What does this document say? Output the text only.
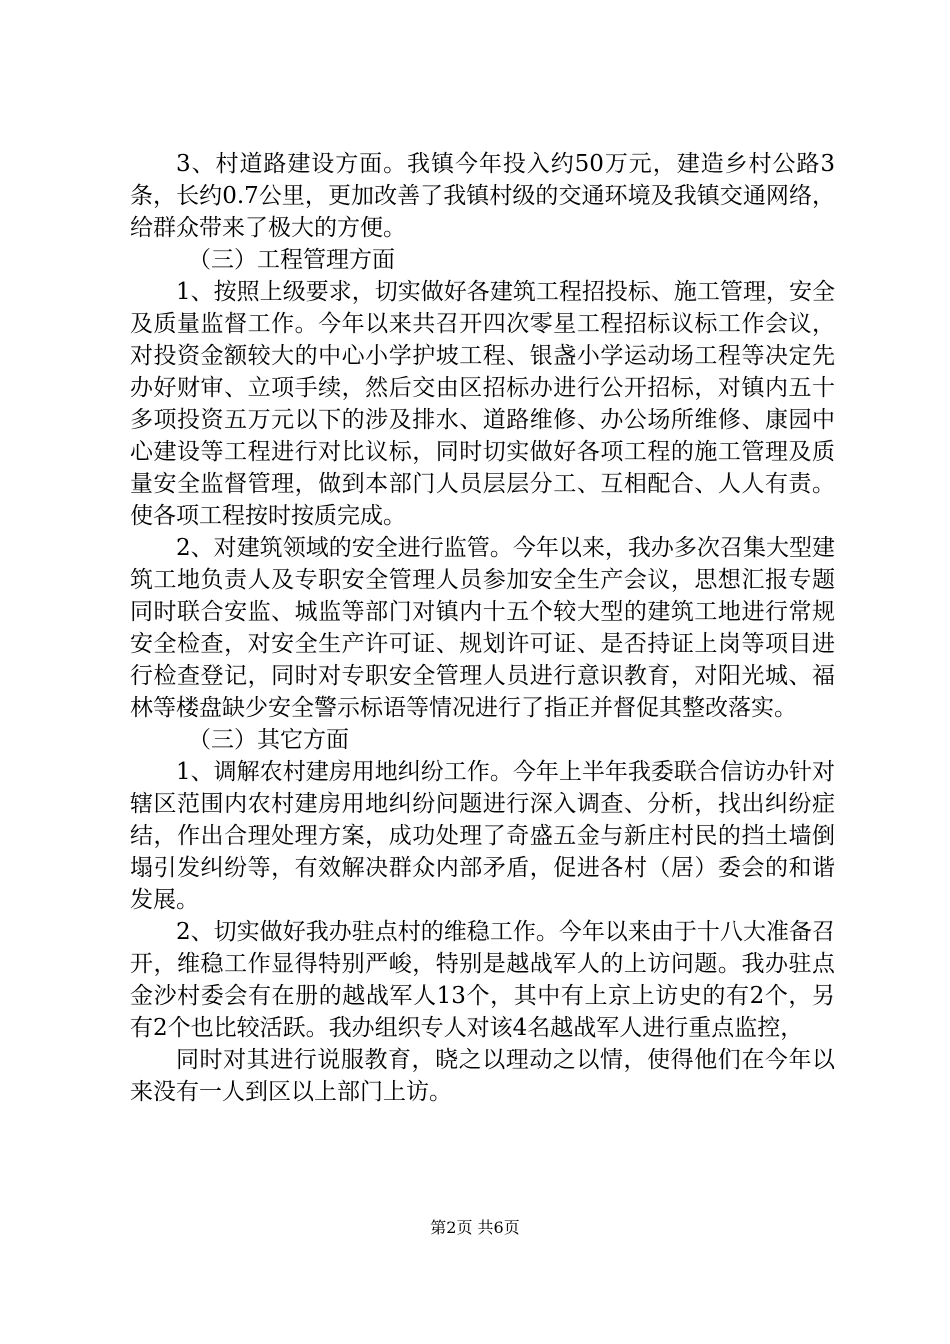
3、村道路建设方面。我镇今年投入约50万元，建造乡村公路3条，长约0.7公里，更加改善了我镇村级的交通环境及我镇交通网络，给群众带来了极大的方便。

（三）工程管理方面

1、按照上级要求，切实做好各建筑工程招投标、施工管理，安全及质量监督工作。今年以来共召开四次零星工程招标议标工作会议，对投资金额较大的中心小学护坡工程、银盏小学运动场工程等决定先办好财审、立项手续，然后交由区招标办进行公开招标，对镇内五十多项投资五万元以下的涉及排水、道路维修、办公场所维修、康园中心建设等工程进行对比议标，同时切实做好各项工程的施工管理及质量安全监督管理，做到本部门人员层层分工、互相配合、人人有责。使各项工程按时按质完成。

2、对建筑领域的安全进行监管。今年以来，我办多次召集大型建筑工地负责人及专职安全管理人员参加安全生产会议，思想汇报专题同时联合安监、城监等部门对镇内十五个较大型的建筑工地进行常规安全检查，对安全生产许可证、规划许可证、是否持证上岗等项目进行检查登记，同时对专职安全管理人员进行意识教育，对阳光城、福林等楼盘缺少安全警示标语等情况进行了指正并督促其整改落实。

（三）其它方面

1、调解农村建房用地纠纷工作。今年上半年我委联合信访办针对辖区范围内农村建房用地纠纷问题进行深入调查、分析，找出纠纷症结，作出合理处理方案，成功处理了奇盛五金与新庄村民的挡土墙倒塌引发纠纷等，有效解决群众内部矛盾，促进各村（居）委会的和谐发展。

2、切实做好我办驻点村的维稳工作。今年以来由于十八大准备召开，维稳工作显得特别严峻，特别是越战军人的上访问题。我办驻点金沙村委会有在册的越战军人13个，其中有上京上访史的有2个，另有2个也比较活跃。我办组织专人对该4名越战军人进行重点监控，

同时对其进行说服教育，晓之以理动之以情，使得他们在今年以来没有一人到区以上部门上访。

第2页 共6页
